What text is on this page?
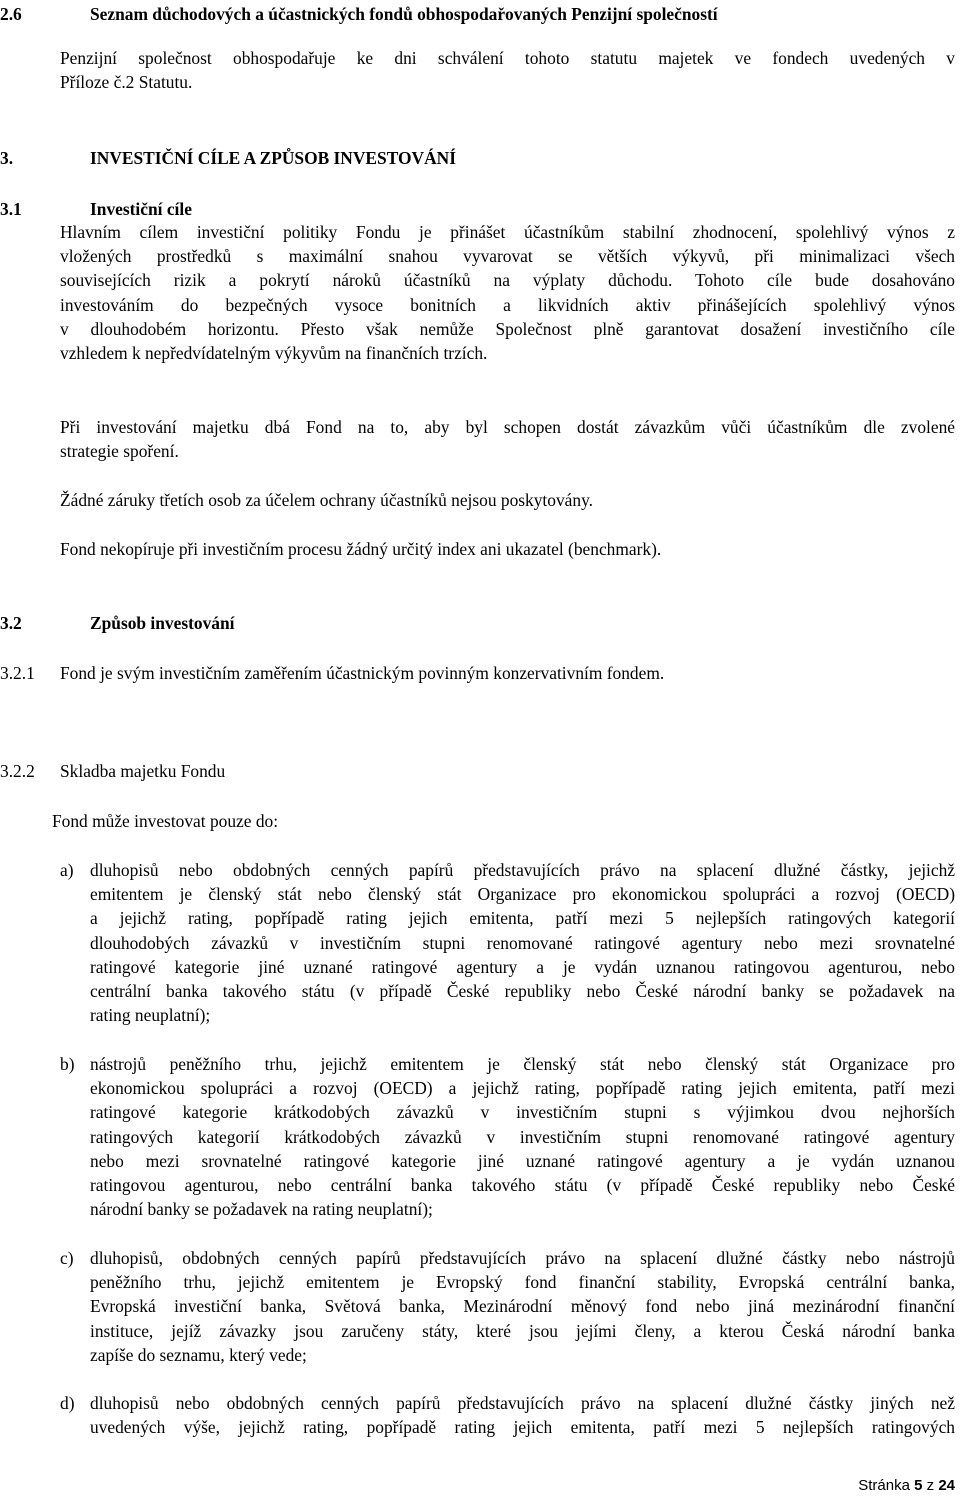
2.6	Seznam důchodových a účastnických fondů obhospodařovaných Penzijní společností
Penzijní společnost obhospodařuje ke dni schválení tohoto statutu majetek ve fondech uvedených v
Příloze č.2 Statutu.
3.	INVESTIČNÍ CÍLE A ZPŮSOB INVESTOVÁNÍ
3.1	Investiční cíle
Hlavním cílem investiční politiky Fondu je přinášet účastníkům stabilní zhodnocení, spolehlivý výnos z
vložených prostředků s maximální snahou vyvarovat se větších výkyvů, při minimalizaci všech
souvisejících rizik a pokrytí nároků účastníků na výplaty důchodu. Tohoto cíle bude dosahováno
investováním do bezpečných vysoce bonitních a likvidních aktiv přinášejících spolehlivý výnos
v dlouhodobém horizontu. Přesto však nemůže Společnost plně garantovat dosažení investičního cíle
vzhledem k nepředvídatelným výkyvům na finančních trzích.
Při investování majetku dbá Fond na to, aby byl schopen dostát závazkům vůči účastníkům dle zvolené
strategie spoření.
Žádné záruky třetích osob za účelem ochrany účastníků nejsou poskytovány.
Fond nekopíruje při investičním procesu žádný určitý index ani ukazatel (benchmark).
3.2	Způsob investování
3.2.1 Fond je svým investičním zaměřením účastnickým povinným konzervativním fondem.
3.2.2 Skladba majetku Fondu
Fond může investovat pouze do:
a) dluhopisů nebo obdobných cenných papírů představujících právo na splacení dlužné částky, jejichž
emitentem je členský stát nebo členský stát Organizace pro ekonomickou spolupráci a rozvoj (OECD)
a jejichž rating, popřípadě rating jejich emitenta, patří mezi 5 nejlepších ratingových kategorií
dlouhodobých závazků v investičním stupni renomované ratingové agentury nebo mezi srovnatelné
ratingové kategorie jiné uznané ratingové agentury a je vydán uznanou ratingovou agenturou, nebo
centrální banka takového státu (v případě České republiky nebo České národní banky se požadavek na
rating neuplatní);
b) nástrojů peněžního trhu, jejichž emitentem je členský stát nebo členský stát Organizace pro
ekonomickou spolupráci a rozvoj (OECD) a jejichž rating, popřípadě rating jejich emitenta, patří mezi
ratingové kategorie krátkodobých závazků v investičním stupni s výjimkou dvou nejhorších
ratingových kategorií krátkodobých závazků v investičním stupni renomované ratingové agentury
nebo mezi srovnatelné ratingové kategorie jiné uznané ratingové agentury a je vydán uznanou
ratingovou agenturou, nebo centrální banka takového státu (v případě České republiky nebo České
národní banky se požadavek na rating neuplatní);
c) dluhopisů, obdobných cenných papírů představujících právo na splacení dlužné částky nebo nástrojů
peněžního trhu, jejichž emitentem je Evropský fond finanční stability, Evropská centrální banka,
Evropská investiční banka, Světová banka, Mezinárodní měnový fond nebo jiná mezinárodní finanční
instituce, jejíž závazky jsou zaručeny státy, které jsou jejími členy, a kterou Česká národní banka
zapíše do seznamu, který vede;
d) dluhopisů nebo obdobných cenných papírů představujících právo na splacení dlužné částky jiných než
uvedených výše, jejichž rating, popřípadě rating jejich emitenta, patří mezi 5 nejlepších ratingových
Stránka 5 z 24
